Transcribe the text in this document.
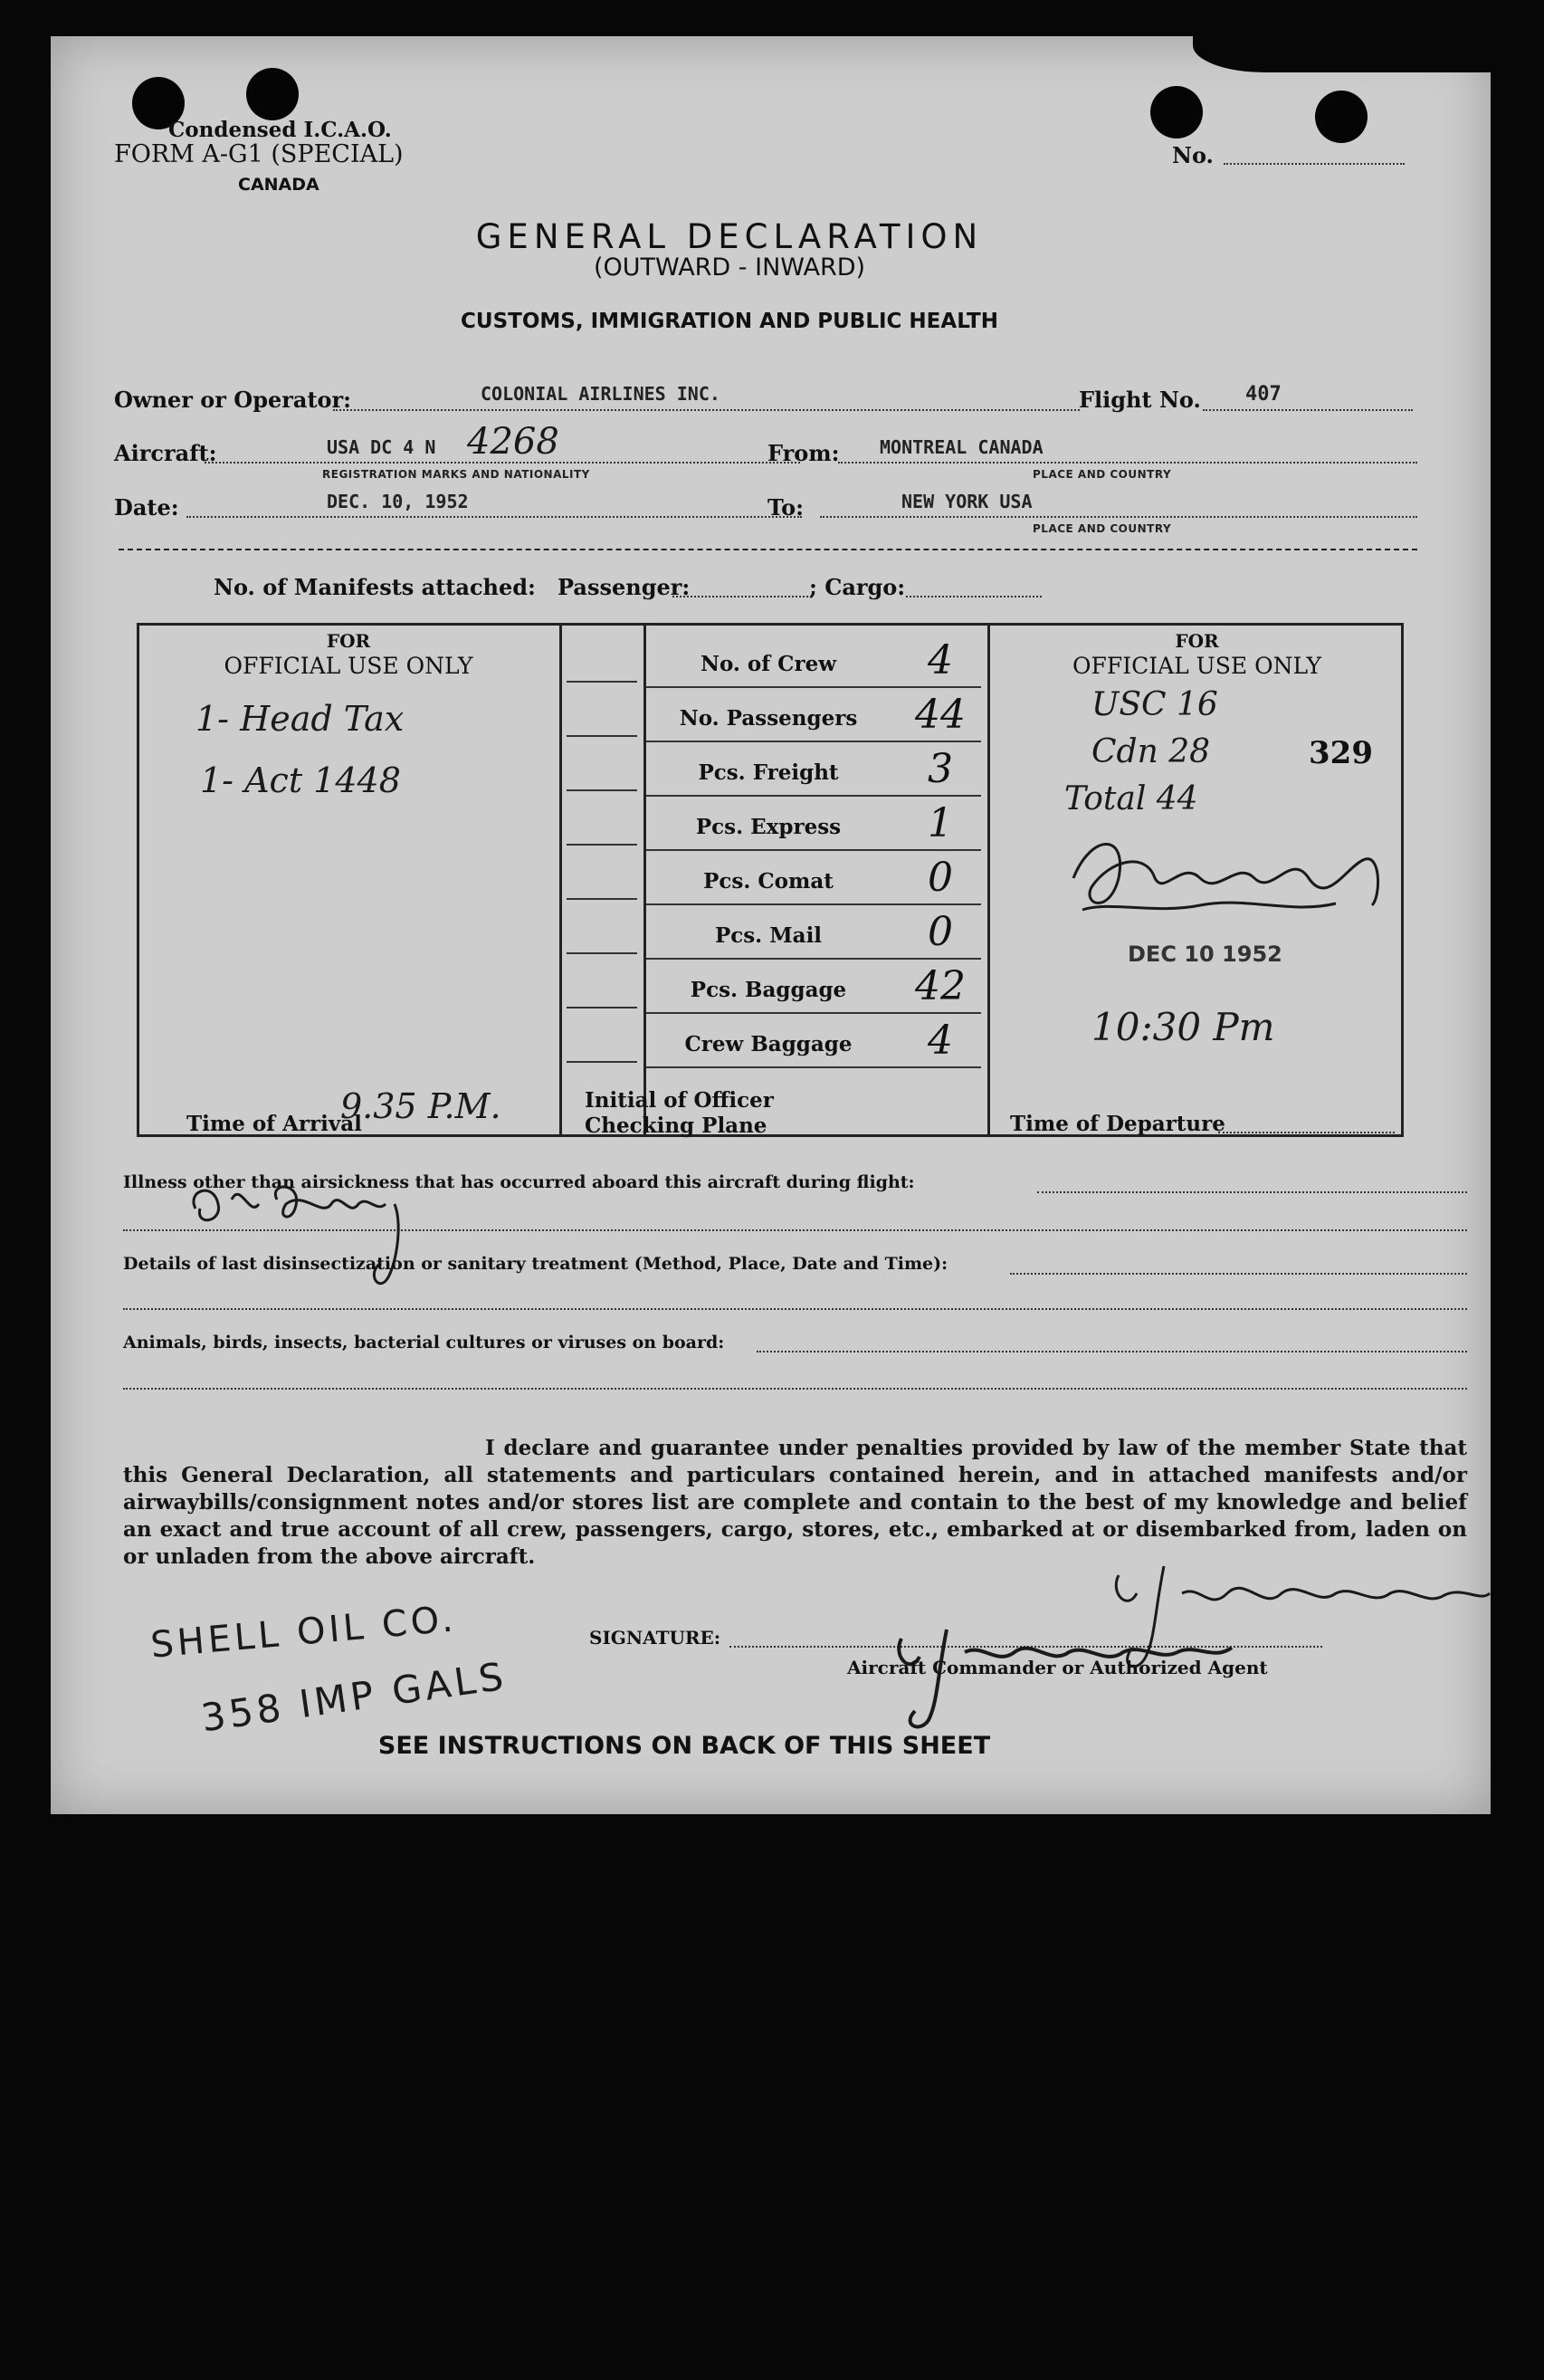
Condensed I.C.A.O.
FORM A-G1 (SPECIAL)
CANADA
No.
GENERAL DECLARATION
(OUTWARD - INWARD)
CUSTOMS, IMMIGRATION AND PUBLIC HEALTH
Owner or Operator:	COLONIAL AIRLINES INC.	Flight No. 407
Aircraft:	USA DC 4 N 4268
REGISTRATION MARKS AND NATIONALITY
From: MONTREAL CANADA
PLACE AND COUNTRY
Date:	DEC. 10, 1952	To:	NEW YORK USA
PLACE AND COUNTRY
No. of Manifests attached: Passenger:	; Cargo:
FOR
OFFICIAL USE ONLY
1- Head Tax
1- Act 1448
Time of Arrival
9.35 P.M.	Initial of Officer
Checking Plane
No. of Crew	4
No. Passengers	44
Pcs. Freight	3
Pcs. Express	1
Pcs. Comat	0
Pcs. Mail	0
Pcs. Baggage	42
Crew Baggage	4
FOR
OFFICIAL USE ONLY
USC 16
Cdn 28
Total 44
329
DEC 10 1952
10:30 Pm
Time of Departure
Illness other than airsickness that has occurred aboard this aircraft during flight:
Details of last disinsectization or sanitary treatment (Method, Place, Date and Time):
Animals, birds, insects, bacterial cultures or viruses on board:
I declare and guarantee under penalties provided by law of the member State that this General Declaration, all statements and particulars contained herein, and in attached manifests and/or airwaybills/consignment notes and/or stores list are complete and contain to the best of my knowledge and belief an exact and true account of all crew, passengers, cargo, stores, etc., embarked at or disembarked from, laden on or unladen from the above aircraft.
SHELL OIL CO.
358 IMP GALS
SIGNATURE:
Aircraft Commander or Authorized Agent
SEE INSTRUCTIONS ON BACK OF THIS SHEET
